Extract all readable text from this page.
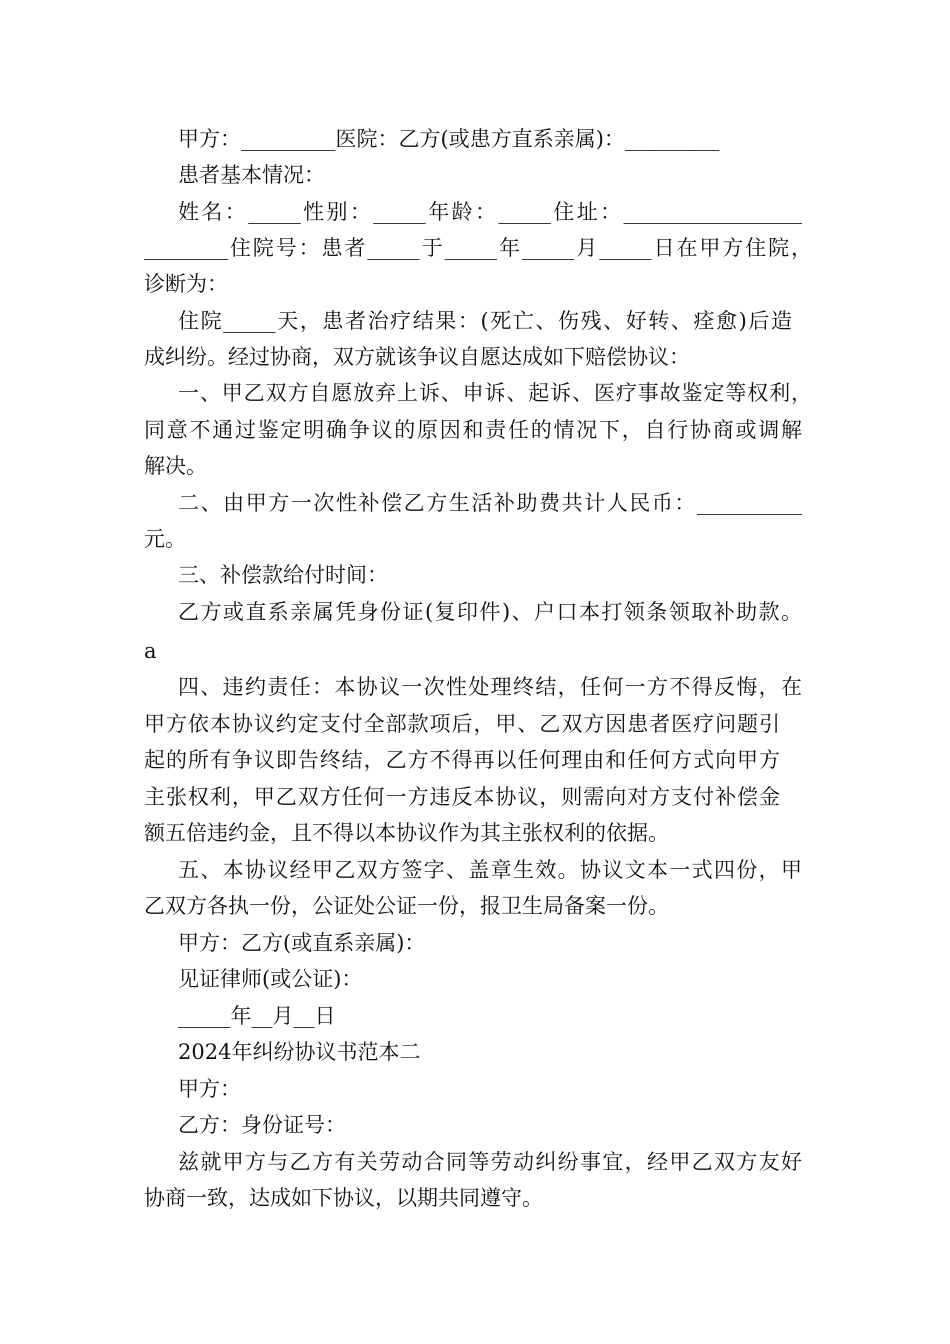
甲方：_________医院：乙方(或患方直系亲属)：_________
患者基本情况：
姓名：_____性别：_____年龄：_____住址：_________________
________住院号：患者_____于_____年_____月_____日在甲方住院，
诊断为：
住院_____天，患者治疗结果：(死亡、伤残、好转、痊愈)后造
成纠纷。经过协商，双方就该争议自愿达成如下赔偿协议：
一、甲乙双方自愿放弃上诉、申诉、起诉、医疗事故鉴定等权利，
同意不通过鉴定明确争议的原因和责任的情况下，自行协商或调解
解决。
二、由甲方一次性补偿乙方生活补助费共计人民币：__________
元。
三、补偿款给付时间：
乙方或直系亲属凭身份证(复印件)、户口本打领条领取补助款。
a
四、违约责任：本协议一次性处理终结，任何一方不得反悔，在
甲方依本协议约定支付全部款项后，甲、乙双方因患者医疗问题引
起的所有争议即告终结，乙方不得再以任何理由和任何方式向甲方
主张权利，甲乙双方任何一方违反本协议，则需向对方支付补偿金
额五倍违约金，且不得以本协议作为其主张权利的依据。
五、本协议经甲乙双方签字、盖章生效。协议文本一式四份，甲
乙双方各执一份，公证处公证一份，报卫生局备案一份。
甲方：乙方(或直系亲属)：
见证律师(或公证)：
_____年__月__日
2024年纠纷协议书范本二
甲方：
乙方：身份证号：
兹就甲方与乙方有关劳动合同等劳动纠纷事宜，经甲乙双方友好
协商一致，达成如下协议，以期共同遵守。
